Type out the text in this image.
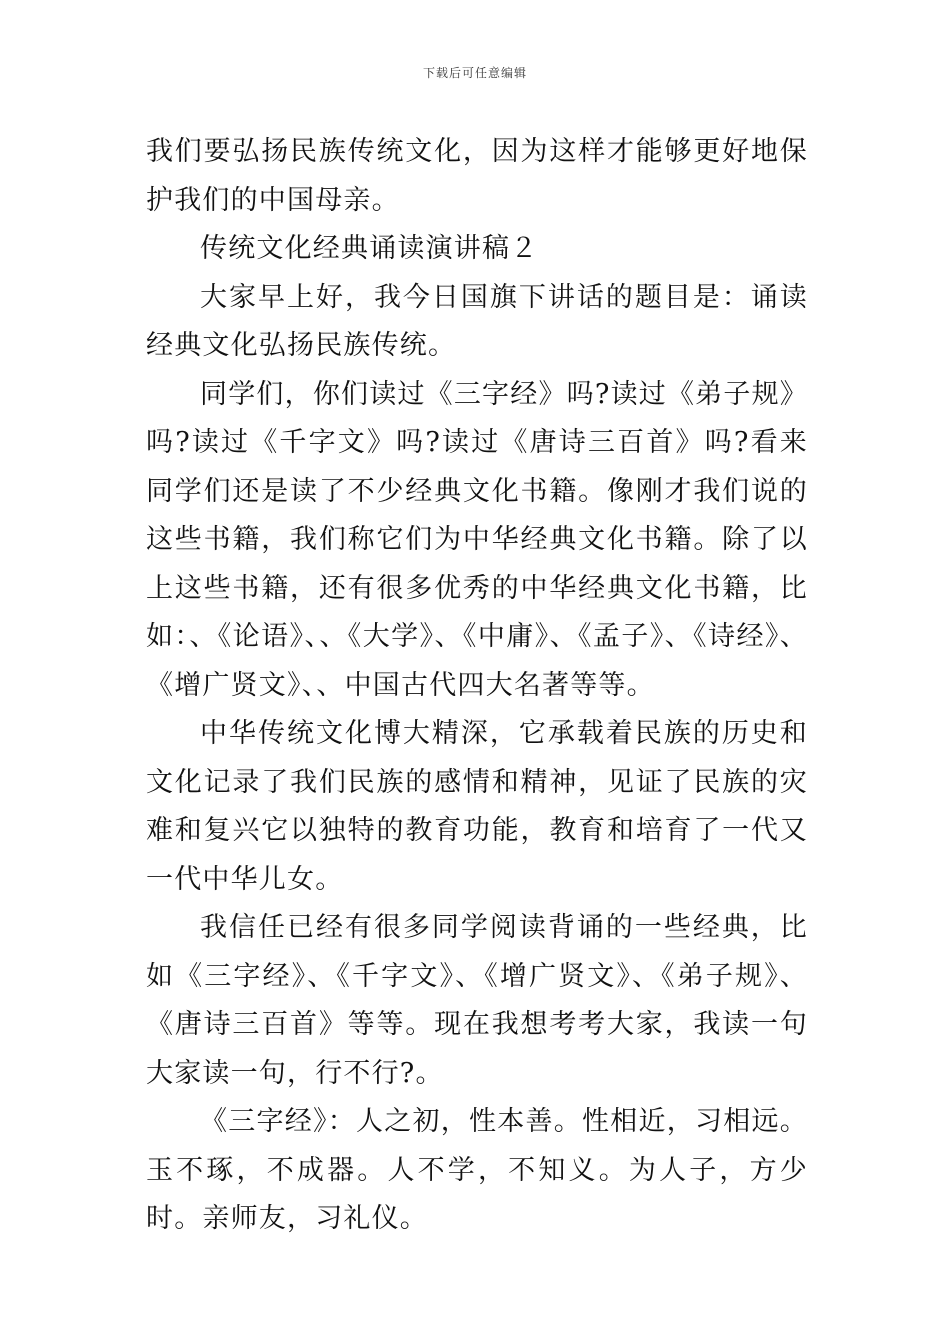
下载后可任意编辑

我们要弘扬民族传统文化，因为这样才能够更好地保护我们的中国母亲。

传统文化经典诵读演讲稿２

大家早上好，我今日国旗下讲话的题目是：诵读经典文化弘扬民族传统。

同学们，你们读过《三字经》吗?读过《弟子规》吗?读过《千字文》吗?读过《唐诗三百首》吗?看来同学们还是读了不少经典文化书籍。像刚才我们说的这些书籍，我们称它们为中华经典文化书籍。除了以上这些书籍，还有很多优秀的中华经典文化书籍，比如：、《论语》、、《大学》、《中庸》、《孟子》、《诗经》、《增广贤文》、、中国古代四大名著等等。

中华传统文化博大精深，它承载着民族的历史和文化记录了我们民族的感情和精神，见证了民族的灾难和复兴它以独特的教育功能，教育和培育了一代又一代中华儿女。

我信任已经有很多同学阅读背诵的一些经典，比如《三字经》、《千字文》、《增广贤文》、《弟子规》、《唐诗三百首》等等。现在我想考考大家，我读一句大家读一句，行不行?。

《三字经》：人之初，性本善。性相近，习相远。玉不琢，不成器。人不学，不知义。为人子，方少时。亲师友，习礼仪。
